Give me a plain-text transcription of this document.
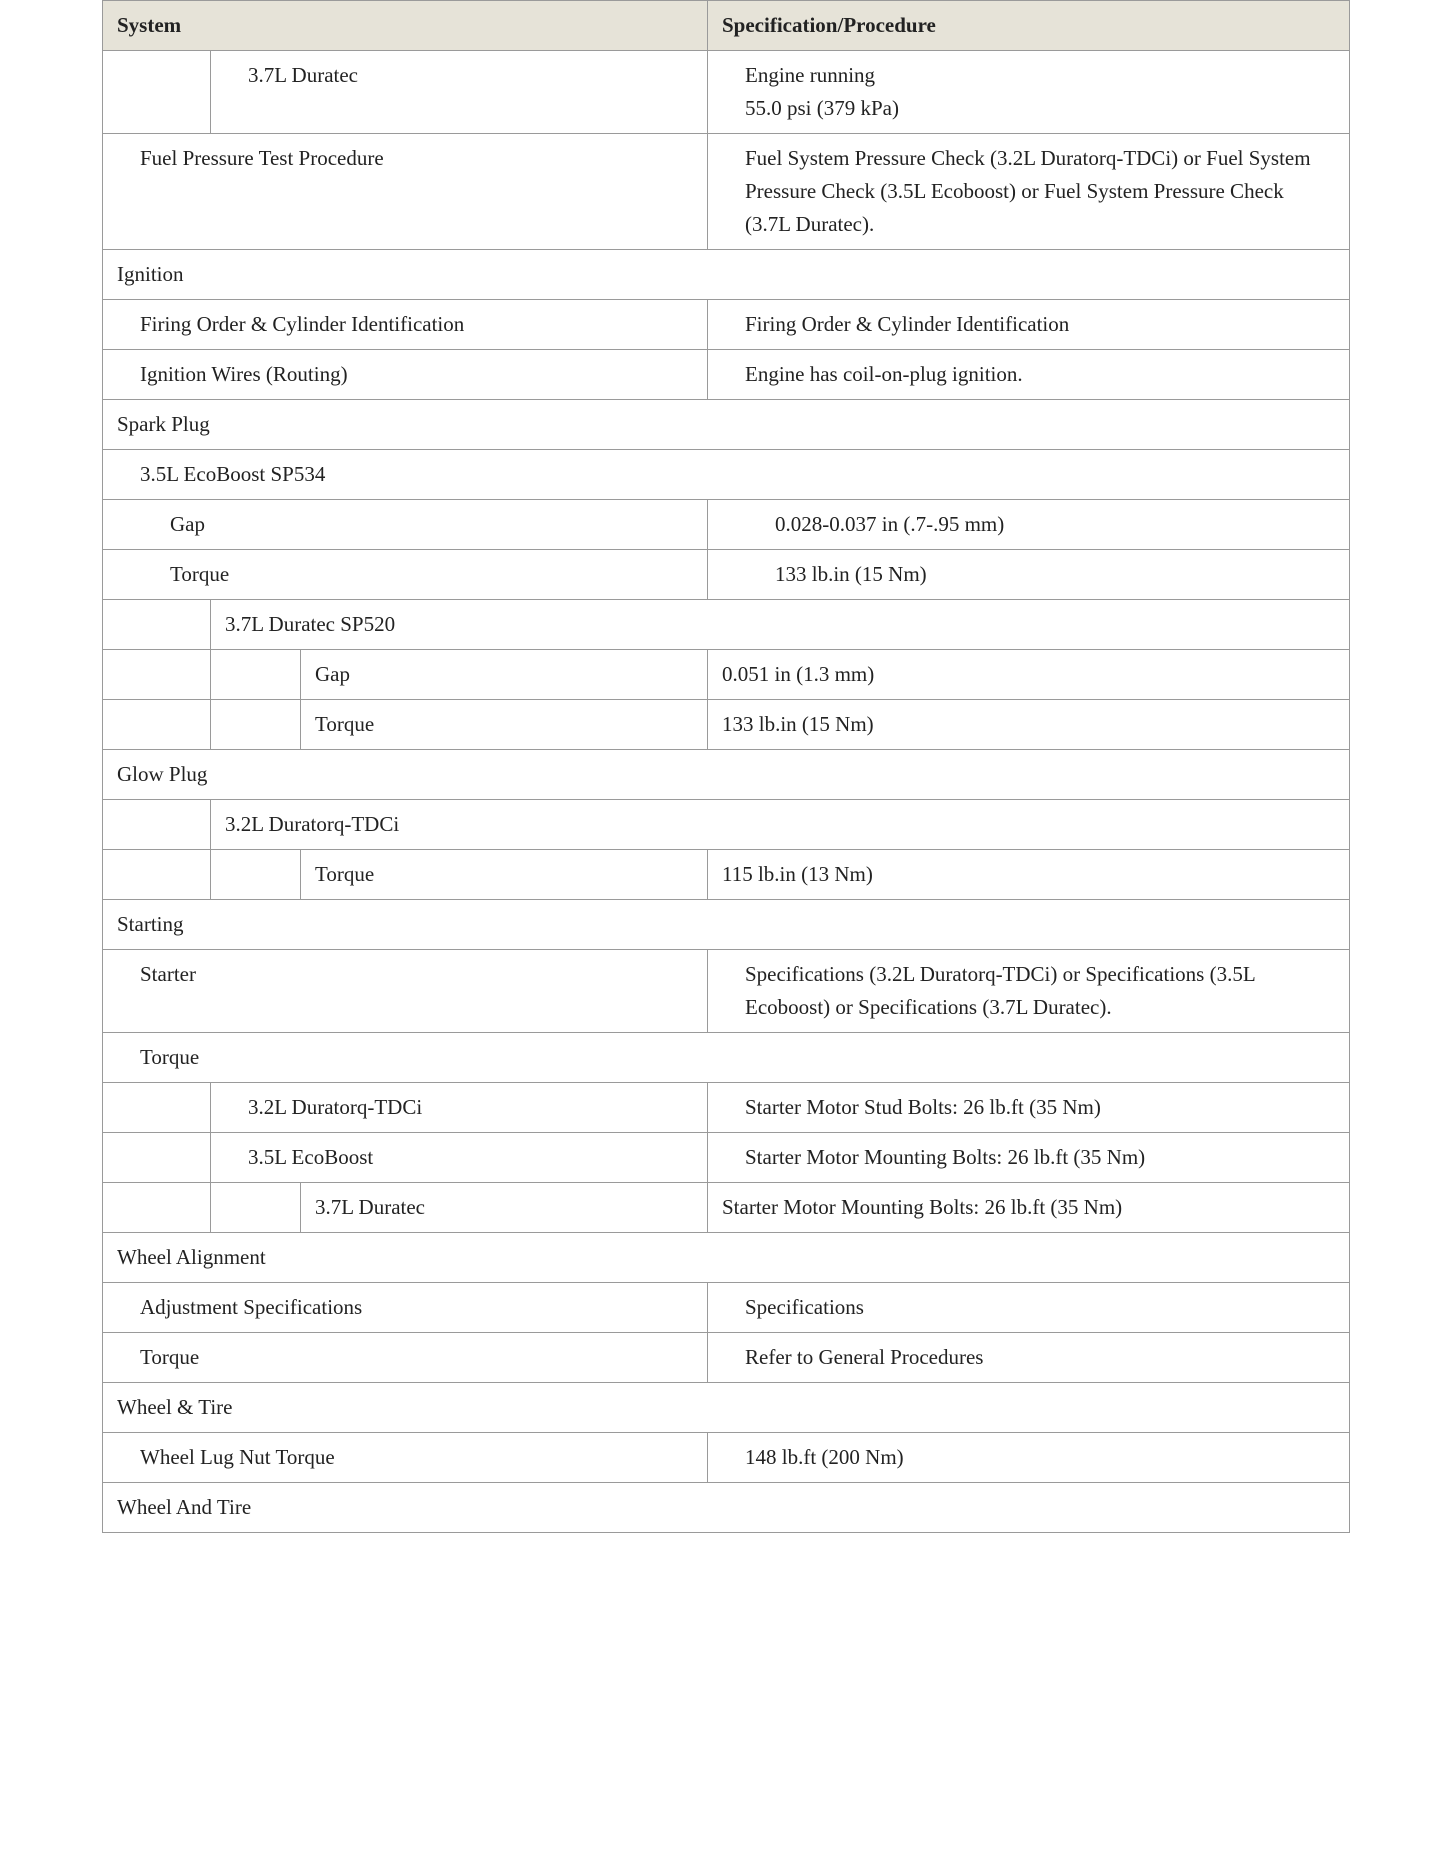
System			Specification/Procedure
	3.7L Duratec		Engine running
55.0 psi (379 kPa)

Fuel Pressure Test Procedure			Fuel System Pressure Check (3.2L Duratorq-TDCi) or Fuel System Pressure Check (3.5L Ecoboost) or Fuel System Pressure Check (3.7L Duratec).
Ignition			
Firing Order & Cylinder Identification			Firing Order & Cylinder Identification
Ignition Wires (Routing)			Engine has coil-on-plug ignition.
Spark Plug			
3.5L EcoBoost SP534			
Gap			0.028-0.037 in (.7-.95 mm)
Torque			133 lb.in (15 Nm)
	3.7L Duratec SP520		
		Gap	0.051 in (1.3 mm)
		Torque	133 lb.in (15 Nm)
Glow Plug			
	3.2L Duratorq-TDCi		
		Torque	115 lb.in (13 Nm)
Starting			
Starter			Specifications (3.2L Duratorq-TDCi) or Specifications (3.5L Ecoboost) or Specifications (3.7L Duratec).
Torque			
	3.2L Duratorq-TDCi		Starter Motor Stud Bolts: 26 lb.ft (35 Nm)
	3.5L EcoBoost		Starter Motor Mounting Bolts: 26 lb.ft (35 Nm)
		3.7L Duratec	Starter Motor Mounting Bolts: 26 lb.ft (35 Nm)
Wheel Alignment			
Adjustment Specifications			Specifications
Torque			Refer to General Procedures
Wheel & Tire			
Wheel Lug Nut Torque			148 lb.ft (200 Nm)
Wheel And Tire			
